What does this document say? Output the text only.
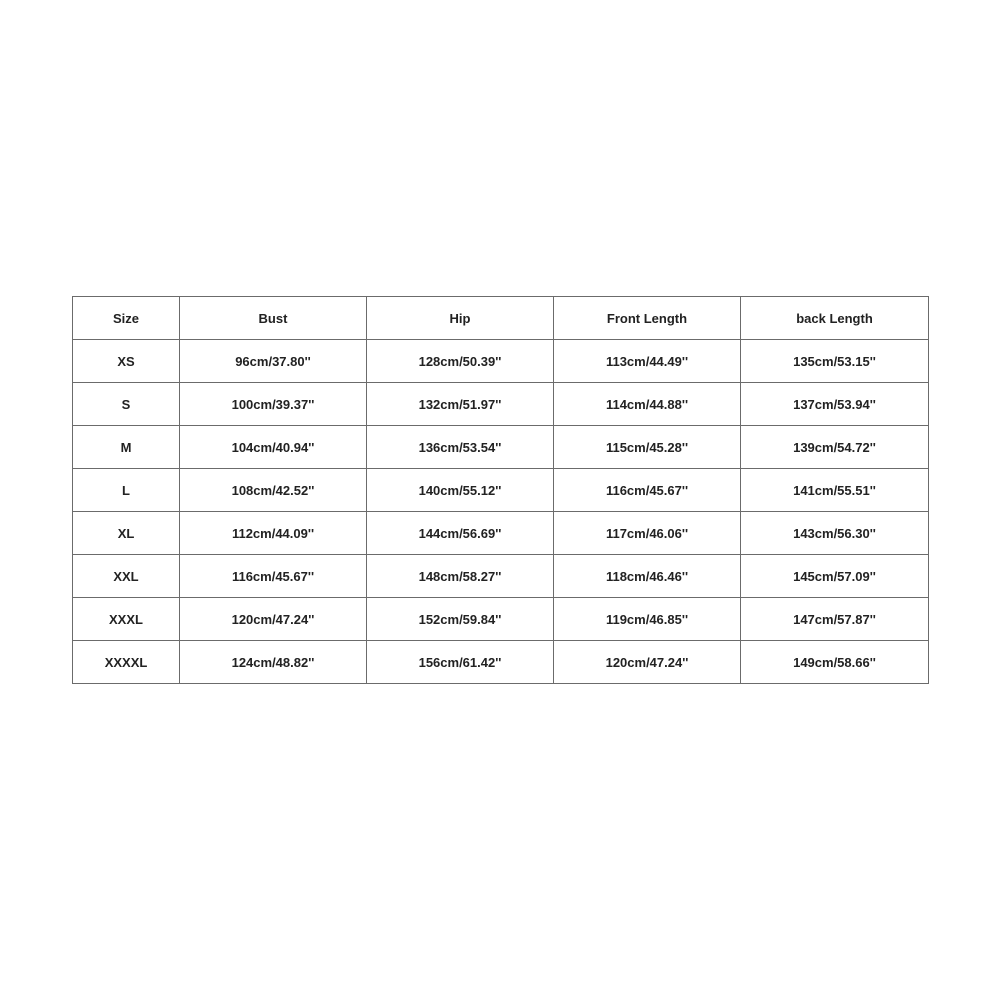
Size	Bust	Hip	Front Length	back Length
XS	96cm/37.80''	128cm/50.39''	113cm/44.49''	135cm/53.15''
S	100cm/39.37''	132cm/51.97''	114cm/44.88''	137cm/53.94''
M	104cm/40.94''	136cm/53.54''	115cm/45.28''	139cm/54.72''
L	108cm/42.52''	140cm/55.12''	116cm/45.67''	141cm/55.51''
XL	112cm/44.09''	144cm/56.69''	117cm/46.06''	143cm/56.30''
XXL	116cm/45.67''	148cm/58.27''	118cm/46.46''	145cm/57.09''
XXXL	120cm/47.24''	152cm/59.84''	119cm/46.85''	147cm/57.87''
XXXXL	124cm/48.82''	156cm/61.42''	120cm/47.24''	149cm/58.66''
